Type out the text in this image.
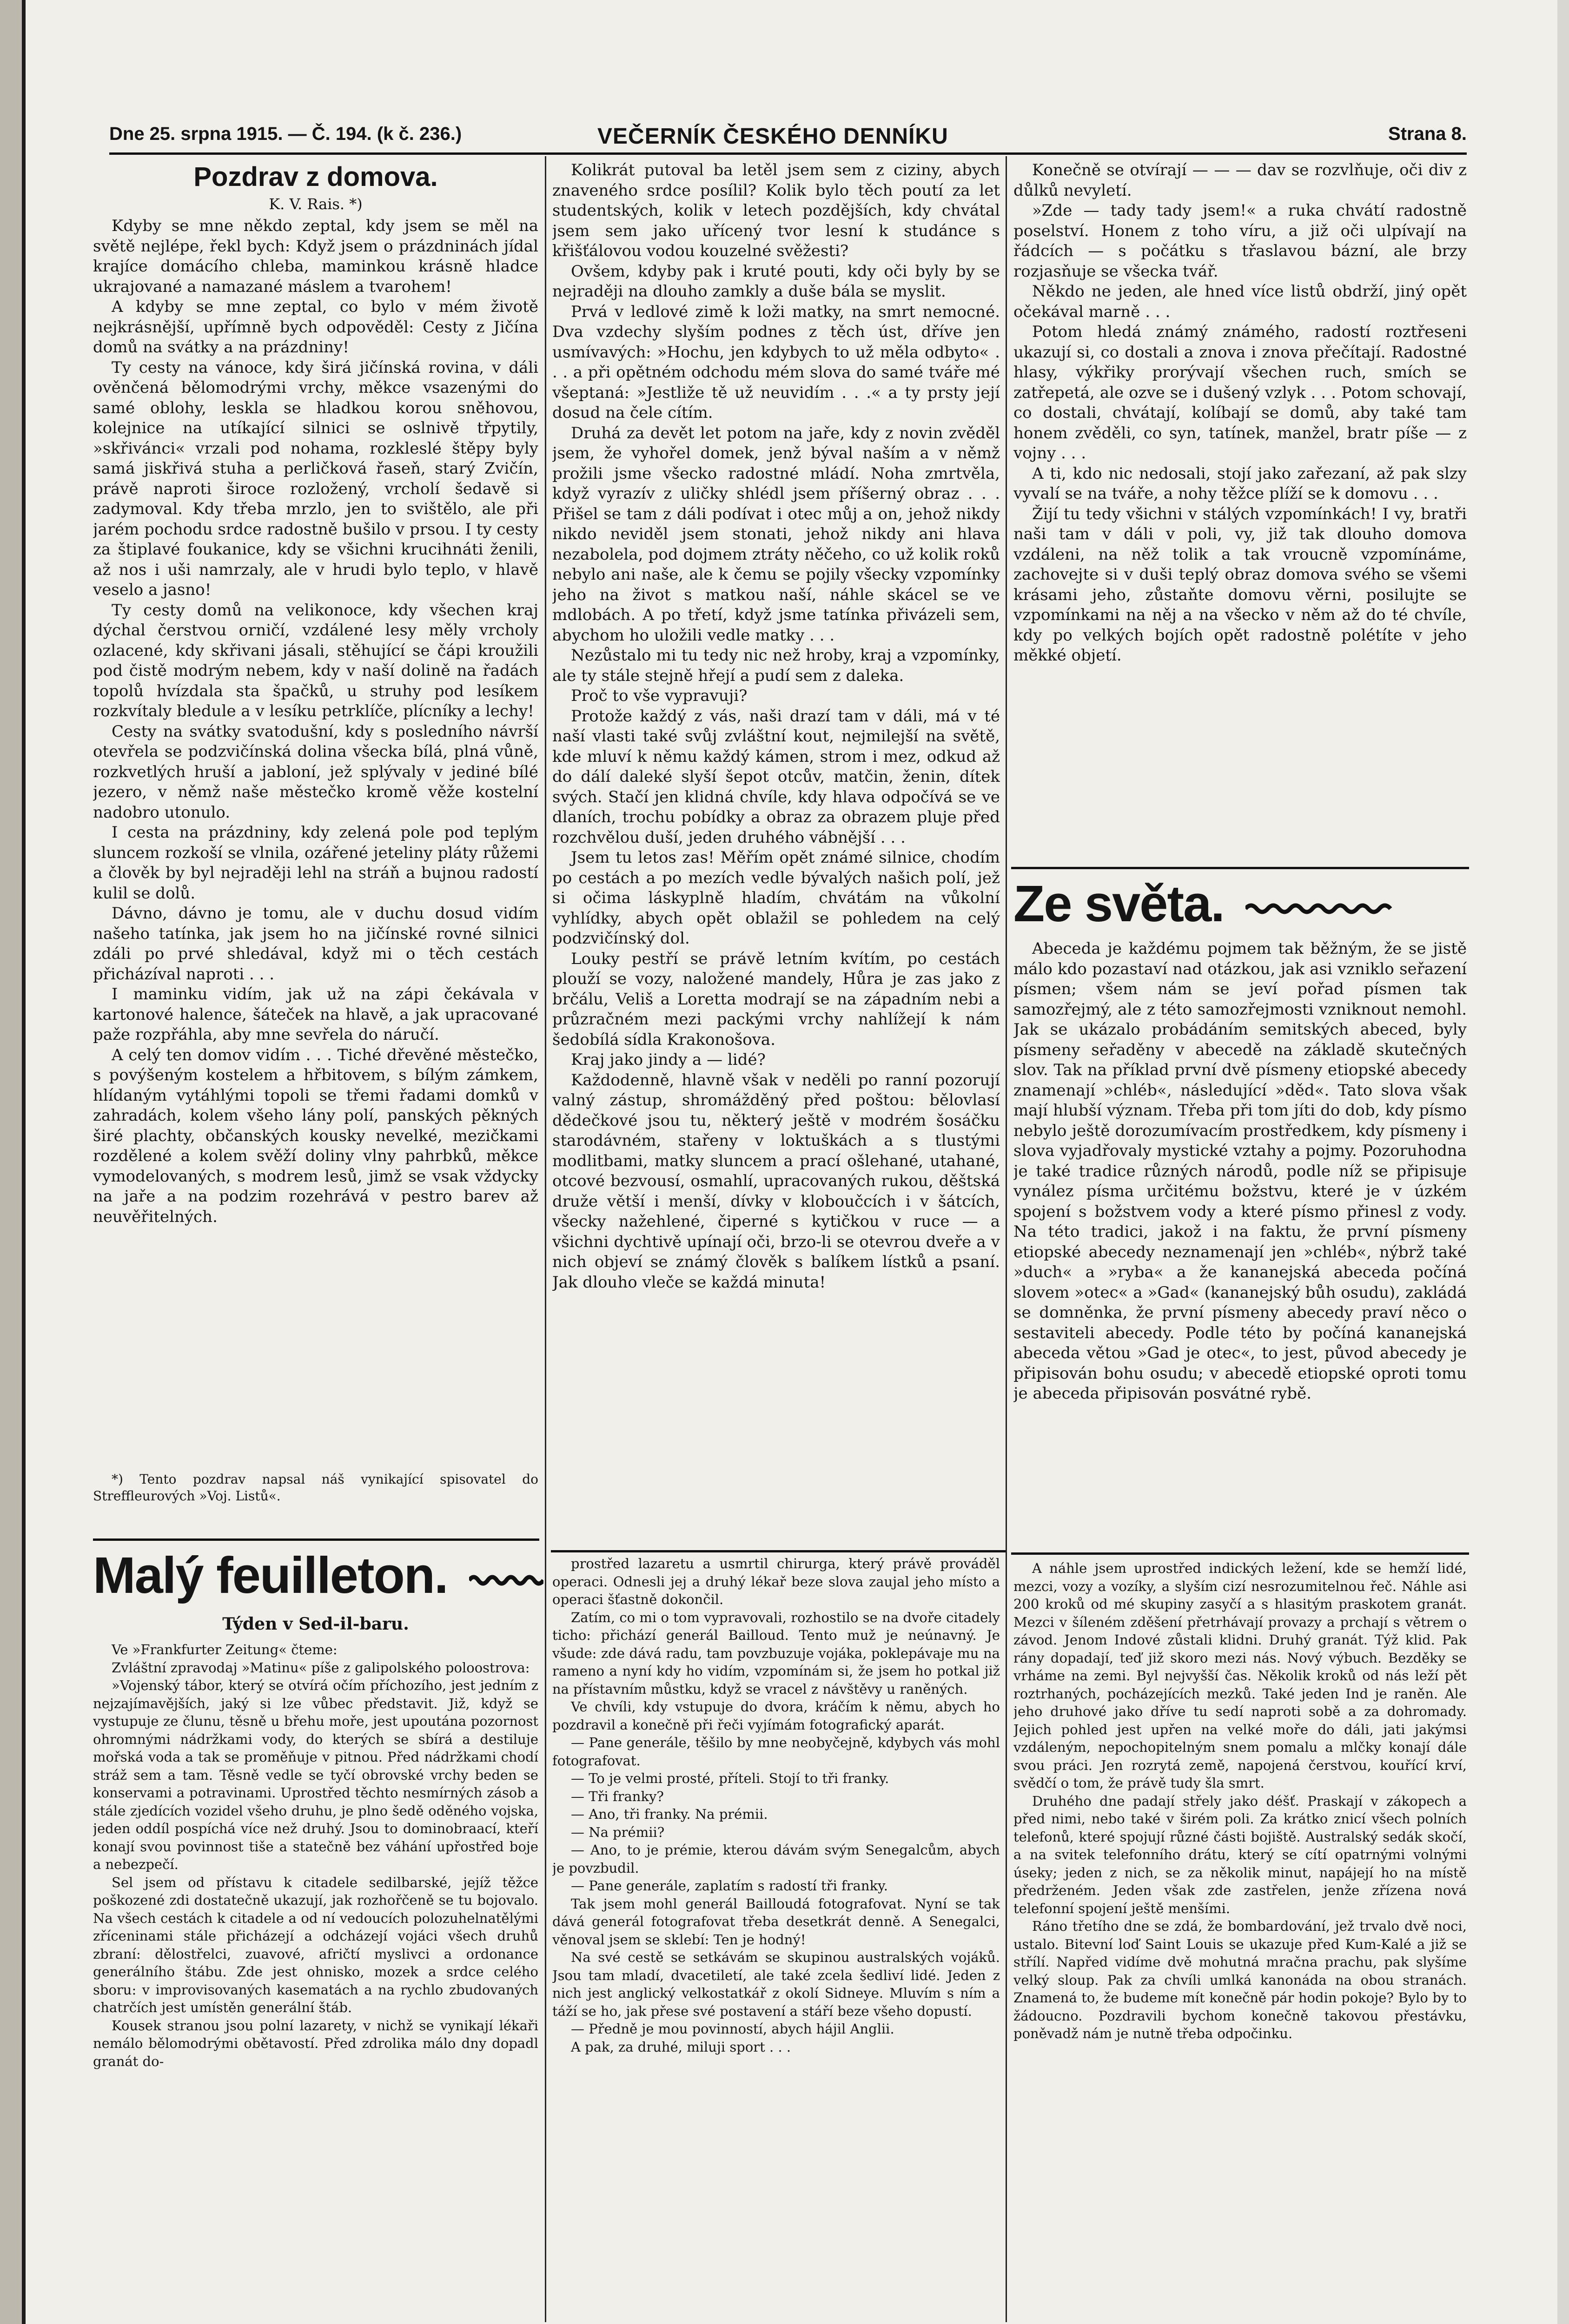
Dne 25. srpna 1915. — Č. 194. (k č. 236.)	VEČERNÍK ČESKÉHO DENNÍKU	Strana 8.
Pozdrav z domova.
K. V. Rais. *)

Kdyby se mne někdo zeptal, kdy jsem se měl na světě nejlépe, řekl bych: Když jsem o prázdninách jídal krajíce domácího chleba, maminkou krásně hladce ukrajované a namazané máslem a tvarohem!

A kdyby se mne zeptal, co bylo v mém životě nejkrásnější, upřímně bych odpověděl: Cesty z Jičína domů na svátky a na prázdniny!

Ty cesty na vánoce, kdy širá jičínská rovina, v dáli ověnčená bělomodrými vrchy, měkce vsazenými do samé oblohy, leskla se hladkou korou sněhovou, kolejnice na utíkající silnici se oslnivě třpytily, »skřivánci« vrzali pod nohama, rozkleslé štěpy byly samá jiskřivá stuha a perličková řaseň, starý Zvičín, právě naproti široce rozložený, vrcholí šedavě si zadymoval. Kdy třeba mrzlo, jen to svištělo, ale při jarém pochodu srdce radostně bušilo v prsou. I ty cesty za štiplavé foukanice, kdy se všichni krucihnáti ženili, až nos i uši namrzaly, ale v hrudi bylo teplo, v hlavě veselo a jasno!

Ty cesty domů na velikonoce, kdy všechen kraj dýchal čerstvou orničí, vzdálené lesy měly vrcholy ozlacené, kdy skřivani jásali, stěhující se čápi kroužili pod čistě modrým nebem, kdy v naší dolině na řadách topolů hvízdala sta špačků, u struhy pod lesíkem rozkvítaly bledule a v lesíku petrklíče, plícníky a lechy!

Cesty na svátky svatodušní, kdy s posledního návrší otevřela se podzvičínská dolina všecka bílá, plná vůně, rozkvetlých hruší a jabloní, jež splývaly v jediné bílé jezero, v němž naše městečko kromě věže kostelní nadobro utonulo.

I cesta na prázdniny, kdy zelená pole pod teplým sluncem rozkoší se vlnila, ozářené jeteliny pláty růžemi a člověk by byl nejraději lehl na stráň a bujnou radostí kulil se dolů.

Dávno, dávno je tomu, ale v duchu dosud vidím našeho tatínka, jak jsem ho na jičínské rovné silnici zdáli po prvé shledával, když mi o těch cestách přicházíval naproti . . .

I maminku vidím, jak už na zápi čekávala v kartonové halence, šáteček na hlavě, a jak upracované paže rozpřáhla, aby mne sevřela do náručí.

A celý ten domov vidím . . . Tiché dřevěné městečko, s povýšeným kostelem a hřbitovem, s bílým zámkem, hlídaným vytáhlými topoli se třemi řadami domků v zahradách, kolem všeho lány polí, panských pěkných širé plachty, občanských kousky nevelké, mezičkami rozdělené a kolem svěží doliny vlny pahrbků, měkce vymodelovaných, s modrem lesů, jimž se vsak vždycky na jaře a na podzim rozehrává v pestro barev až neuvěřitelných.

*) Tento pozdrav napsal náš vynikající spisovatel do Streffleurových »Voj. Listů«.

Kolikrát putoval ba letěl jsem sem z ciziny, abych znaveného srdce posílil? Kolik bylo těch poutí za let studentských, kolik v letech pozdějších, kdy chvátal jsem sem jako uřícený tvor lesní k studánce s křišťálovou vodou kouzelné svěžesti?

Ovšem, kdyby pak i kruté pouti, kdy oči byly by se nejraději na dlouho zamkly a duše bála se myslit.

Prvá v ledlové zimě k loži matky, na smrt nemocné. Dva vzdechy slyším podnes z těch úst, dříve jen usmívavých: »Hochu, jen kdybych to už měla odbyto« . . . a při opětném odchodu mém slova do samé tváře mé všeptaná: »Jestliže tě už neuvidím . . .« a ty prsty její dosud na čele cítím.

Druhá za devět let potom na jaře, kdy z novin zvěděl jsem, že vyhořel domek, jenž býval naším a v němž prožili jsme všecko radostné mládí. Noha zmrtvěla, když vyrazív z uličky shlédl jsem příšerný obraz . . . Přišel se tam z dáli podívat i otec můj a on, jehož nikdy nikdo neviděl jsem stonati, jehož nikdy ani hlava nezabolela, pod dojmem ztráty něčeho, co už kolik roků nebylo ani naše, ale k čemu se pojily všecky vzpomínky jeho na život s matkou naší, náhle skácel se ve mdlobách. A po třetí, když jsme tatínka přivázeli sem, abychom ho uložili vedle matky . . .

Nezůstalo mi tu tedy nic než hroby, kraj a vzpomínky, ale ty stále stejně hřejí a pudí sem z daleka.

Proč to vše vypravuji?

Protože každý z vás, naši drazí tam v dáli, má v té naší vlasti také svůj zvláštní kout, nejmilejší na světě, kde mluví k němu každý kámen, strom i mez, odkud až do dálí daleké slyší šepot otcův, matčin, ženin, dítek svých. Stačí jen klidná chvíle, kdy hlava odpočívá se ve dlaních, trochu pobídky a obraz za obrazem pluje před rozchvělou duší, jeden druhého vábnější . . .

Jsem tu letos zas! Měřím opět známé silnice, chodím po cestách a po mezích vedle bývalých našich polí, jež si očima láskyplně hladím, chvátám na vůkolní vyhlídky, abych opět oblažil se pohledem na celý podzvičínský dol.

Louky pestří se právě letním kvítím, po cestách plouží se vozy, naložené mandely, Hůra je zas jako z brčálu, Veliš a Loretta modrají se na západním nebi a průzračném mezi packými vrchy nahlížejí k nám šedobílá sídla Krakonošova.

Kraj jako jindy a — lidé?

Každodenně, hlavně však v neděli po ranní pozorují valný zástup, shromážděný před poštou: bělovlasí dědečkové jsou tu, některý ještě v modrém šosáčku starodávném, stařeny v loktuškách a s tlustými modlitbami, matky sluncem a prací ošlehané, utahané, otcové bezvousí, osmahlí, upracovaných rukou, děštská druže větší i menší, dívky v kloboučcích i v šátcích, všecky nažehlené, čiperné s kytičkou v ruce — a všichni dychtivě upínají oči, brzo-li se otevrou dveře a v nich objeví se známý člověk s balíkem lístků a psaní. Jak dlouho vleče se každá minuta!

Konečně se otvírají — — — dav se rozvlňuje, oči div z důlků nevyletí.

»Zde — tady tady jsem!« a ruka chvátí radostně poselství. Honem z toho víru, a již oči ulpívají na řádcích — s počátku s třaslavou bázní, ale brzy rozjasňuje se všecka tvář.

Někdo ne jeden, ale hned více listů obdrží, jiný opět očekával marně . . .

Potom hledá známý známého, radostí roztřeseni ukazují si, co dostali a znova i znova přečítají. Radostné hlasy, výkřiky prorývají všechen ruch, smích se zatřepetá, ale ozve se i dušený vzlyk . . . Potom schovají, co dostali, chvátají, kolíbají se domů, aby také tam honem zvěděli, co syn, tatínek, manžel, bratr píše — z vojny . . .

A ti, kdo nic nedosali, stojí jako zařezaní, až pak slzy vyvalí se na tváře, a nohy těžce plíží se k domovu . . .

Žijí tu tedy všichni v stálých vzpomínkách! I vy, bratři naši tam v dáli v poli, vy, již tak dlouho domova vzdáleni, na něž tolik a tak vroucně vzpomínáme, zachovejte si v duši teplý obraz domova svého se všemi krásami jeho, zůstaňte domovu věrni, posilujte se vzpomínkami na něj a na všecko v něm až do té chvíle, kdy po velkých bojích opět radostně polétíte v jeho měkké objetí.

Ze světa.

Abeceda je každému pojmem tak běžným, že se jistě málo kdo pozastaví nad otázkou, jak asi vzniklo seřazení písmen; všem nám se jeví pořad písmen tak samozřejmý, ale z této samozřejmosti vzniknout nemohl. Jak se ukázalo probádáním semitských abeced, byly písmeny seřaděny v abecedě na základě skutečných slov. Tak na příklad první dvě písmeny etiopské abecedy znamenají »chléb«, následující »děd«. Tato slova však mají hlubší význam. Třeba při tom jíti do dob, kdy písmo nebylo ještě dorozumívacím prostředkem, kdy písmeny i slova vyjadřovaly mystické vztahy a pojmy. Pozoruhodna je také tradice různých národů, podle níž se připisuje vynález písma určitému božstvu, které je v úzkém spojení s božstvem vody a které písmo přinesl z vody. Na této tradici, jakož i na faktu, že první písmeny etiopské abecedy neznamenají jen »chléb«, nýbrž také »duch« a »ryba« a že kananejská abeceda počíná slovem »otec« a »Gad« (kananejský bůh osudu), zakládá se domněnka, že první písmeny abecedy praví něco o sestaviteli abecedy. Podle této by počíná kananejská abeceda větou »Gad je otec«, to jest, původ abecedy je připisován bohu osudu; v abecedě etiopské oproti tomu je abeceda připisován posvátné rybě.

Malý feuilleton.
Týden v Sed-il-baru.

Ve »Frankfurter Zeitung« čteme:

Zvláštní zpravodaj »Matinu« píše z galipolského poloostrova:

»Vojenský tábor, který se otvírá očím příchozího, jest jedním z nejzajímavějších, jaký si lze vůbec představit. Již, když se vystupuje ze člunu, těsně u břehu moře, jest upoutána pozornost ohromnými nádržkami vody, do kterých se sbírá a destiluje mořská voda a tak se proměňuje v pitnou. Před nádržkami chodí stráž sem a tam. Těsně vedle se tyčí obrovské vrchy beden se konservami a potravinami. Uprostřed těchto nesmírných zásob a stále zjedících vozidel všeho druhu, je plno šedě oděného vojska, jeden oddíl pospíchá více než druhý. Jsou to dominobraací, kteří konají svou povinnost tiše a statečně bez váhání upřostřed boje a nebezpečí.

Sel jsem od přístavu k citadele sedilbarské, jejíž těžce poškozené zdi dostatečně ukazují, jak rozhořčeně se tu bojovalo. Na všech cestách k citadele a od ní vedoucích polozuhelnatělými zříceninami stále přicházejí a odcházejí vojáci všech druhů zbraní: dělostřelci, zuavové, afričtí myslivci a ordonance generálního štábu. Zde jest ohnisko, mozek a srdce celého sboru: v improvisovaných kasematách a na rychlo zbudovaných chatrčích jest umístěn generální štáb.

Kousek stranou jsou polní lazarety, v nichž se vynikají lékaři nemálo bělomodrými obětavostí. Před zdrolika málo dny dopadl granát do-

prostřed lazaretu a usmrtil chirurga, který právě prováděl operaci. Odnesli jej a druhý lékař beze slova zaujal jeho místo a operaci šťastně dokončil.

Zatím, co mi o tom vypravovali, rozhostilo se na dvoře citadely ticho: přichází generál Bailloud. Tento muž je neúnavný. Je všude: zde dává radu, tam povzbuzuje vojáka, poklepávaje mu na rameno a nyní kdy ho vidím, vzpomínám si, že jsem ho potkal již na přístavním můstku, když se vracel z návštěvy u raněných.

Ve chvíli, kdy vstupuje do dvora, kráčím k němu, abych ho pozdravil a konečně při řeči vyjímám fotografický aparát.

— Pane generále, těšilo by mne neobyčejně, kdybych vás mohl fotografovat.

— To je velmi prosté, příteli. Stojí to tři franky.

— Tři franky?

— Ano, tři franky. Na prémii.

— Na prémii?

— Ano, to je prémie, kterou dávám svým Senegalcům, abych je povzbudil.

— Pane generále, zaplatím s radostí tři franky.

Tak jsem mohl generál Bailloudá fotografovat. Nyní se tak dává generál fotografovat třeba desetkrát denně. A Senegalci, věnoval jsem se sklebí: Ten je hodný!

Na své cestě se setkávám se skupinou australských vojáků. Jsou tam mladí, dvacetiletí, ale také zcela šedliví lidé. Jeden z nich jest anglický velkostatkář z okolí Sidneye. Mluvím s ním a táží se ho, jak přese své postavení a stáří beze všeho dopustí.

— Předně je mou povinností, abych hájil Anglii.

A pak, za druhé, miluji sport . . .

A náhle jsem uprostřed indických ležení, kde se hemží lidé, mezci, vozy a vozíky, a slyším cizí nesrozumitelnou řeč. Náhle asi 200 kroků od mé skupiny zasyčí a s hlasitým praskotem granát. Mezci v šíleném zděšení přetrhávají provazy a prchají s větrem o závod. Jenom Indové zůstali klidni. Druhý granát. Týž klid. Pak rány dopadají, teď již skoro mezi nás. Nový výbuch. Bezděky se vrháme na zemi. Byl nejvyšší čas. Několik kroků od nás leží pět roztrhaných, pocházejících mezků. Také jeden Ind je raněn. Ale jeho druhové jako dříve tu sedí naproti sobě a za dohromady. Jejich pohled jest upřen na velké moře do dáli, jati jakýmsi vzdáleným, nepochopitelným snem pomalu a mlčky konají dále svou práci. Jen rozrytá země, napojená čerstvou, kouřící krví, svědčí o tom, že právě tudy šla smrt.

Druhého dne padají střely jako déšť. Praskají v zákopech a před nimi, nebo také v širém poli. Za krátko znicí všech polních telefonů, které spojují různé části bojiště. Australský sedák skočí, a na svitek telefonního drátu, který se cítí opatrnými volnými úseky; jeden z nich, se za několik minut, napájejí ho na místě předrženém. Jeden však zde zastřelen, jenže zřízena nová telefonní spojení ještě menšími.

Ráno třetího dne se zdá, že bombardování, jež trvalo dvě noci, ustalo. Bitevní loď Saint Louis se ukazuje před Kum-Kalé a již se střílí. Napřed vidíme dvě mohutná mračna prachu, pak slyšíme velký sloup. Pak za chvíli umlká kanonáda na obou stranách. Znamená to, že budeme mít konečně pár hodin pokoje? Bylo by to žádoucno. Pozdravili bychom konečně takovou přestávku, poněvadž nám je nutně třeba odpočinku.
